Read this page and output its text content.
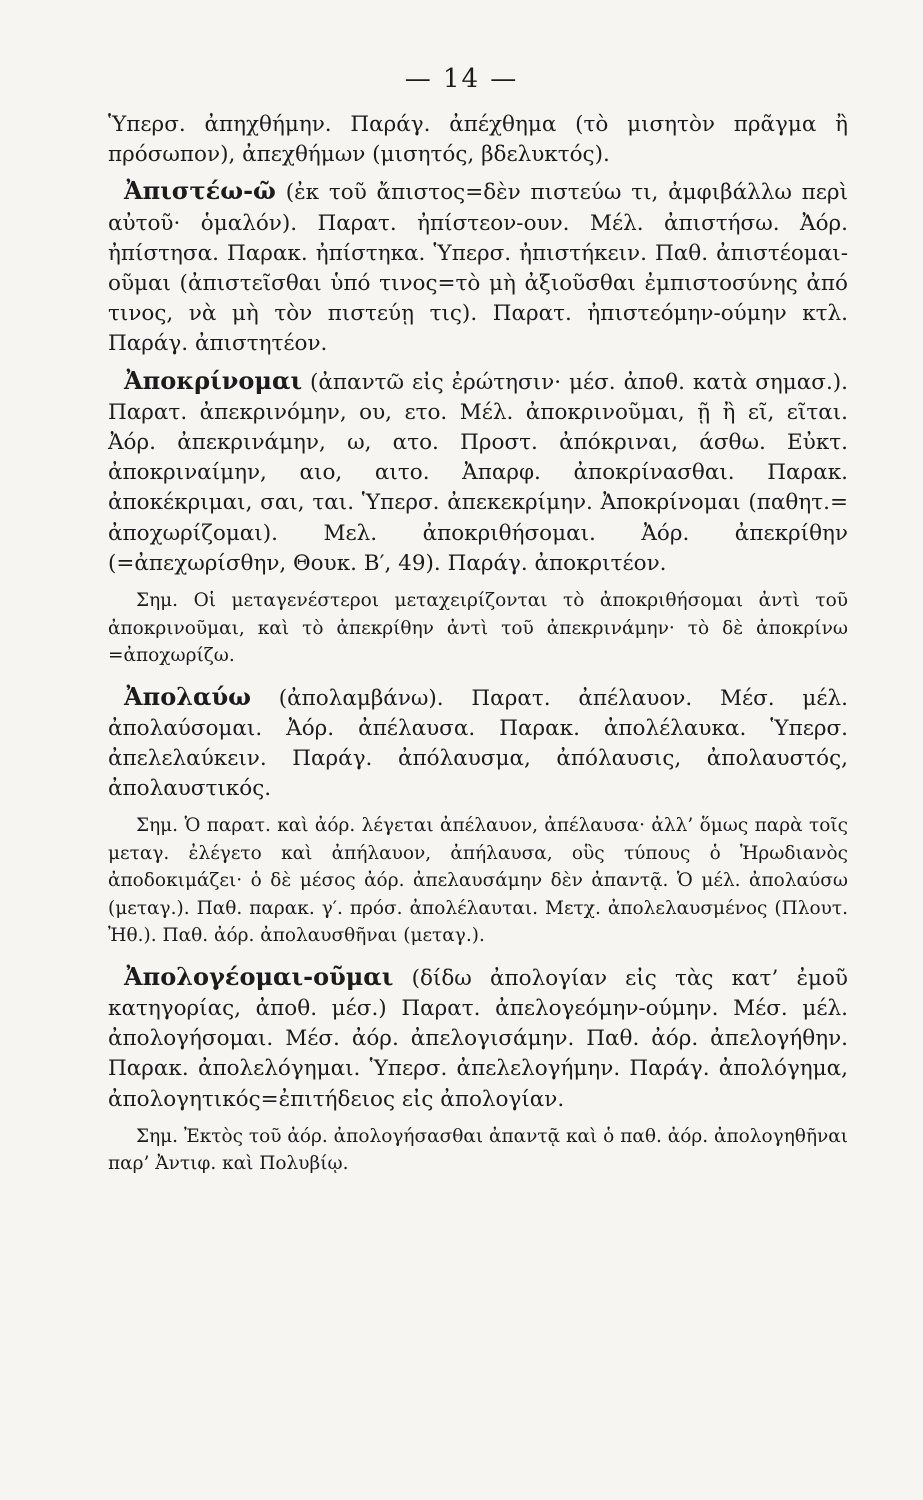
— 14 —

Ὑπερσ. ἀπηχθήμην. Παράγ. ἀπέχθημα (τὸ μισητὸν πρᾶγμα ἢ πρόσωπον), ἀπεχθήμων (μισητός, βδελυκτός).

Ἀπιστέω-ῶ (ἐκ τοῦ ἄπιστος=δὲν πιστεύω τι, ἀμφιβάλλω περὶ αὐτοῦ· ὁμαλόν). Παρατ. ἠπίστεον-ουν. Μέλ. ἀπιστήσω. Ἀόρ. ἠπίστησα. Παρακ. ἠπίστηκα. Ὑπερσ. ἠπιστήκειν. Παθ. ἀπιστέομαι-οῦμαι (ἀπιστεῖσθαι ὑπό τινος=τὸ μὴ ἀξιοῦσθαι ἐμπιστοσύνης ἀπό τινος, νὰ μὴ τὸν πιστεύῃ τις). Παρατ. ἠπιστεόμην-ούμην κτλ. Παράγ. ἀπιστητέον.

Ἀποκρίνομαι (ἀπαντῶ εἰς ἐρώτησιν· μέσ. ἀποθ. κατὰ σημασ.). Παρατ. ἀπεκρινόμην, ου, ετο. Μέλ. ἀποκρινοῦμαι, ῇ ἢ εῖ, εῖται. Ἀόρ. ἀπεκρινάμην, ω, ατο. Προστ. ἀπόκριναι, άσθω. Εὐκτ. ἀποκριναίμην, αιο, αιτο. Ἀπαρφ. ἀποκρίνασθαι. Παρακ. ἀποκέκριμαι, σαι, ται. Ὑπερσ. ἀπεκεκρίμην. Ἀποκρίνομαι (παθητ.= ἀποχωρίζομαι). Μελ. ἀποκριθήσομαι. Ἀόρ. ἀπεκρίθην (=ἀπεχωρίσθην, Θουκ. Β′, 49). Παράγ. ἀποκριτέον.

Σημ. Οἱ μεταγενέστεροι μεταχειρίζονται τὸ ἀποκριθήσομαι ἀντὶ τοῦ ἀποκρινοῦμαι, καὶ τὸ ἀπεκρίθην ἀντὶ τοῦ ἀπεκρινάμην· τὸ δὲ ἀποκρίνω =ἀποχωρίζω.

Ἀπολαύω (ἀπολαμβάνω). Παρατ. ἀπέλαυον. Μέσ. μέλ. ἀπολαύσομαι. Ἀόρ. ἀπέλαυσα. Παρακ. ἀπολέλαυκα. Ὑπερσ. ἀπελελαύκειν. Παράγ. ἀπόλαυσμα, ἀπόλαυσις, ἀπολαυστός, ἀπολαυστικός.

Σημ. Ὁ παρατ. καὶ ἀόρ. λέγεται ἀπέλαυον, ἀπέλαυσα· ἀλλ’ ὅμως παρὰ τοῖς μεταγ. ἐλέγετο καὶ ἀπήλαυον, ἀπήλαυσα, οὓς τύπους ὁ Ἡρωδιανὸς ἀποδοκιμάζει· ὁ δὲ μέσος ἀόρ. ἀπελαυσάμην δὲν ἀπαντᾷ. Ὁ μέλ. ἀπολαύσω (μεταγ.). Παθ. παρακ. γ′. πρόσ. ἀπολέλαυται. Μετχ. ἀπολελαυσμένος (Πλουτ. Ἠθ.). Παθ. ἀόρ. ἀπολαυσθῆναι (μεταγ.).

Ἀπολογέομαι-οῦμαι (δίδω ἀπολογίαν εἰς τὰς κατ’ ἐμοῦ κατηγορίας, ἀποθ. μέσ.) Παρατ. ἀπελογεόμην-ούμην. Μέσ. μέλ. ἀπολογήσομαι. Μέσ. ἀόρ. ἀπελογισάμην. Παθ. ἀόρ. ἀπελογήθην. Παρακ. ἀπολελόγημαι. Ὑπερσ. ἀπελελογήμην. Παράγ. ἀπολόγημα, ἀπολογητικός=ἐπιτήδειος εἰς ἀπολογίαν.

Σημ. Ἐκτὸς τοῦ ἀόρ. ἀπολογήσασθαι ἀπαντᾷ καὶ ὁ παθ. ἀόρ. ἀπολογηθῆναι παρ’ Ἀντιφ. καὶ Πολυβίῳ.
